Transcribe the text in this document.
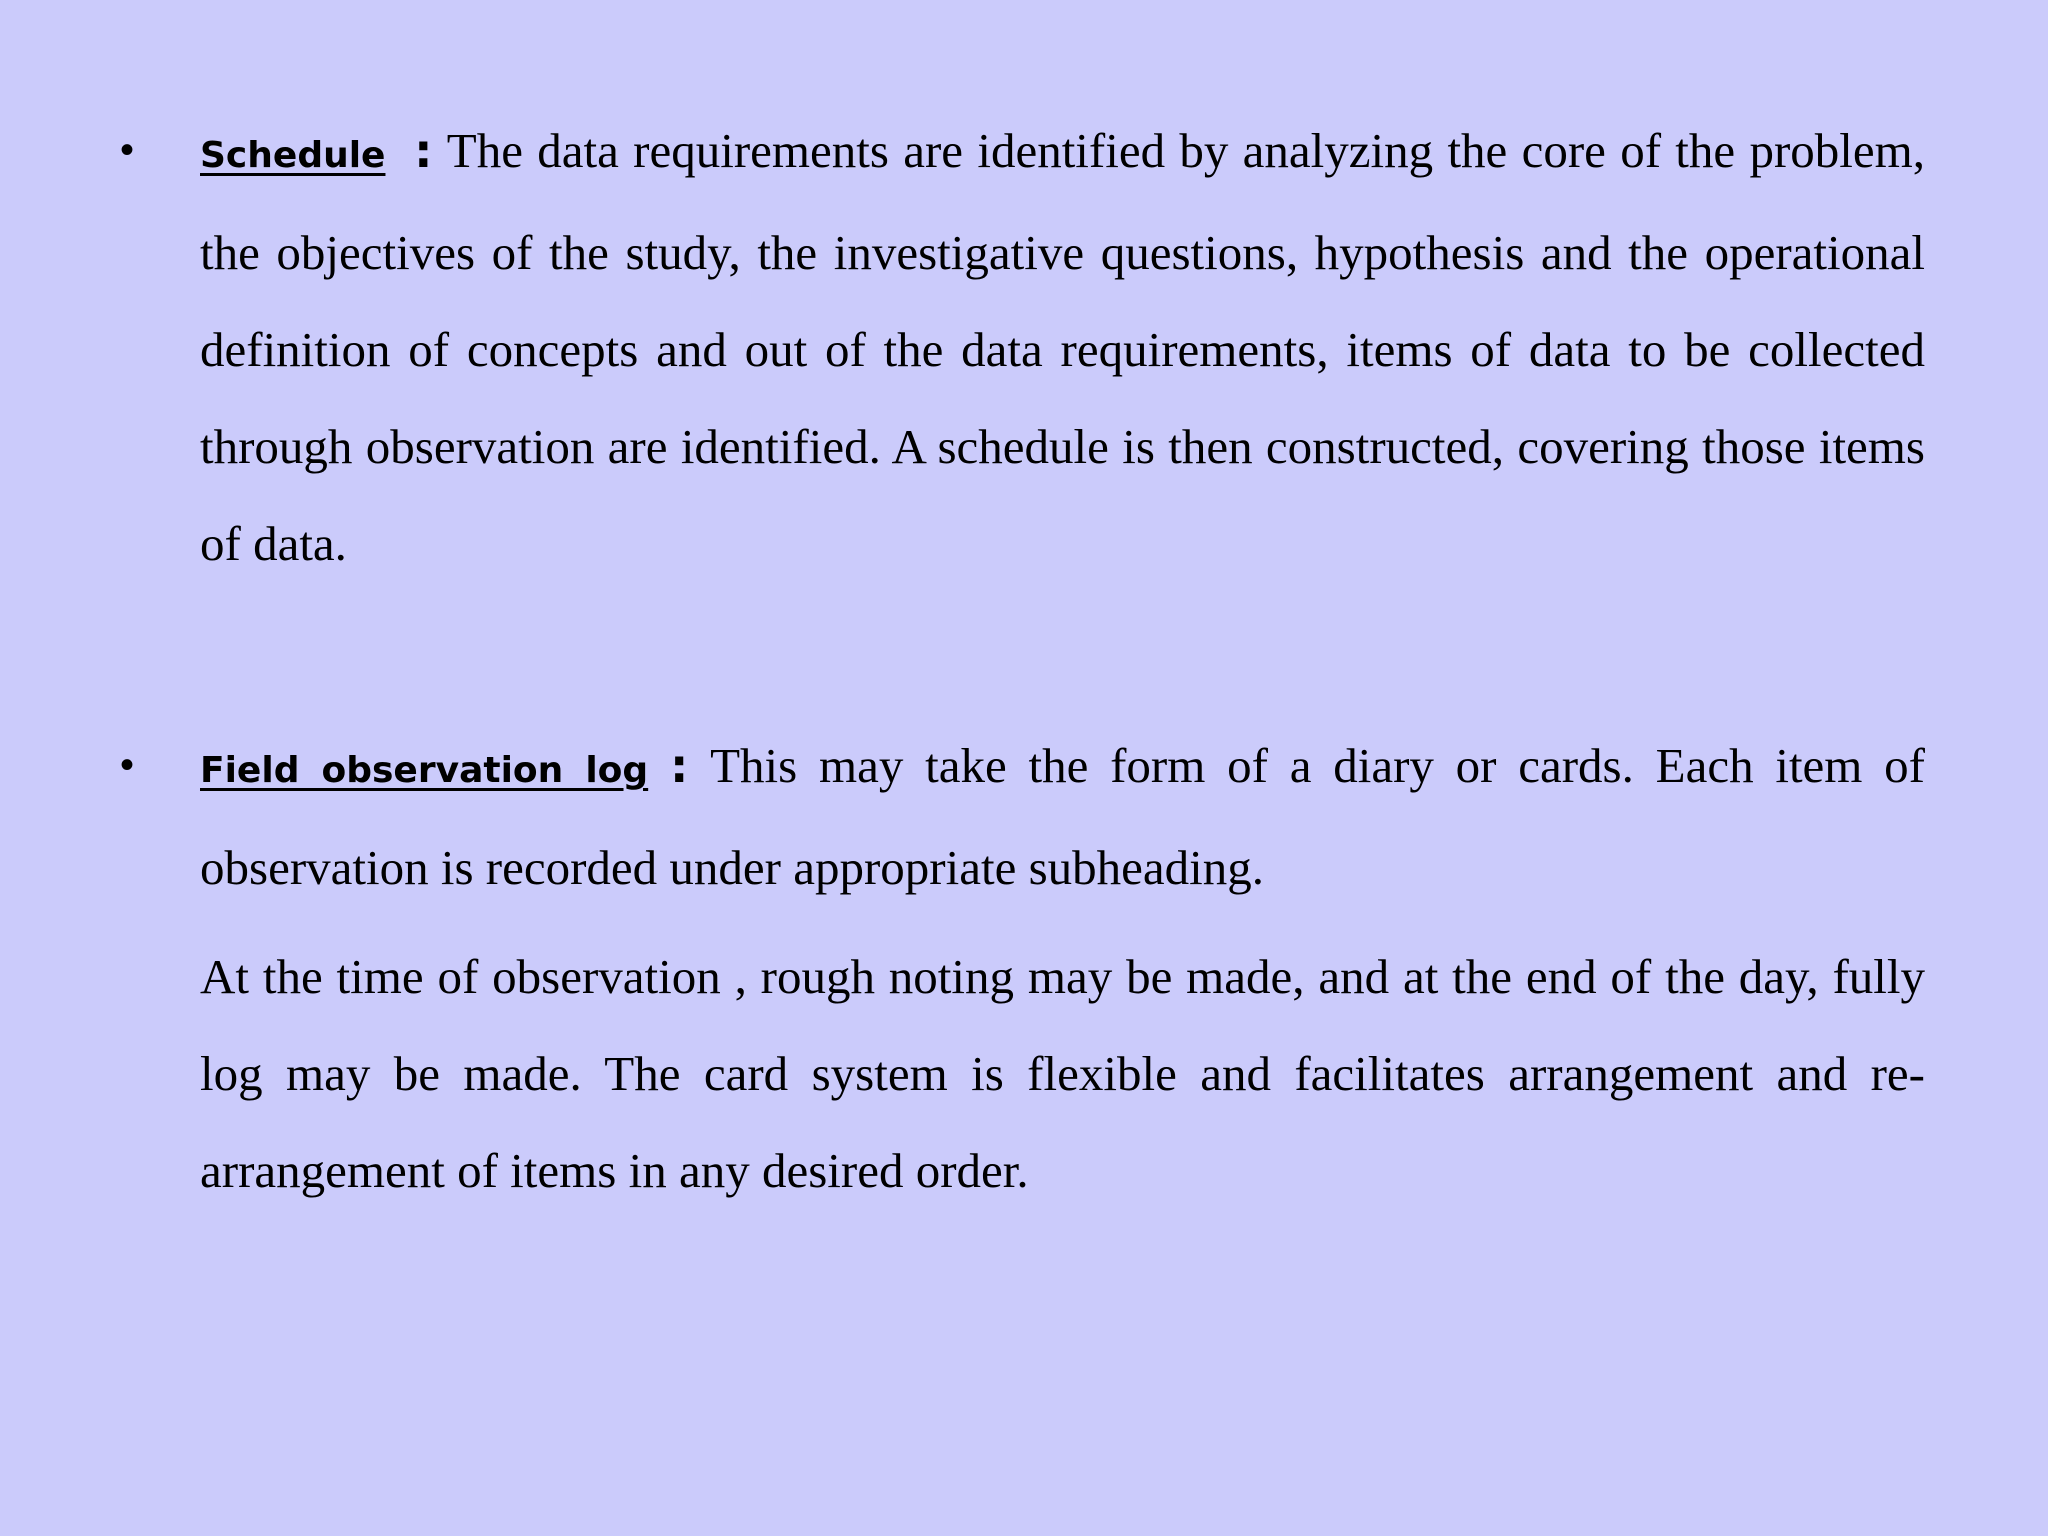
• Schedule : The data requirements are identified by analyzing the core of the problem, the objectives of the study, the investigative questions, hypothesis and the operational definition of concepts and out of the data requirements, items of data to be collected through observation are identified. A schedule is then constructed, covering those items of data.

• Field observation log : This may take the form of a diary or cards. Each item of observation is recorded under appropriate subheading.

At the time of observation , rough noting may be made, and at the end of the day, fully log may be made. The card system is flexible and facilitates arrangement and re-arrangement of items in any desired order.
